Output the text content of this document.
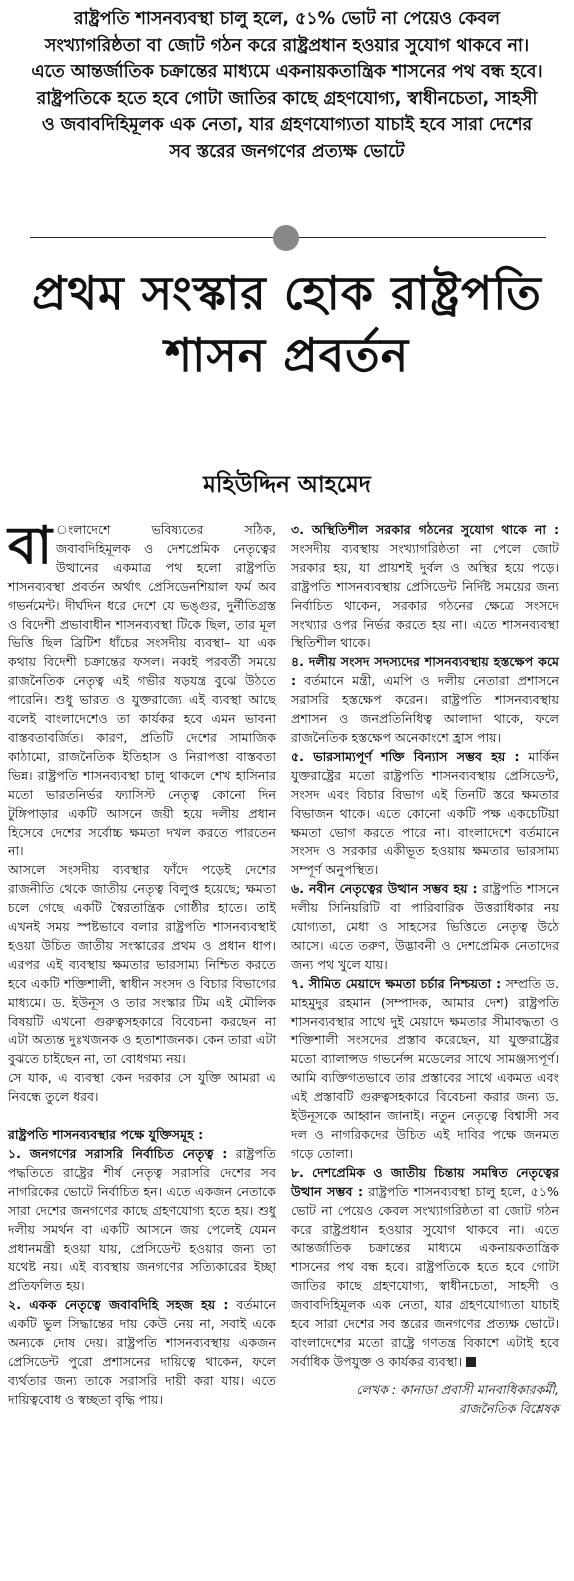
রাষ্ট্রপতি শাসনব্যবস্থা চালু হলে, ৫১% ভোট না পেয়েও কেবল সংখ্যাগরিষ্ঠতা বা জোট গঠন করে রাষ্ট্রপ্রধান হওয়ার সুযোগ থাকবে না। এতে আন্তর্জাতিক চক্রান্তের মাধ্যমে একনায়কতান্ত্রিক শাসনের পথ বন্ধ হবে। রাষ্ট্রপতিকে হতে হবে গোটা জাতির কাছে গ্রহণযোগ্য, স্বাধীনচেতা, সাহসী ও জবাবদিহিমূলক এক নেতা, যার গ্রহণযোগ্যতা যাচাই হবে সারা দেশের সব স্তরের জনগণের প্রত্যক্ষ ভোটে

প্রথম সংস্কার হোক রাষ্ট্রপতি শাসন প্রবর্তন
মহিউদ্দিন আহমেদ

বা ংলাদেশে ভবিষ্যতের সঠিক, জবাবদিহিমূলক ও দেশপ্রেমিক নেতৃত্বের উত্থানের একমাত্র পথ হলো রাষ্ট্রপতি শাসনব্যবস্থা প্রবর্তন অর্থাৎ প্রেসিডেনশিয়াল ফর্ম অব গভর্নমেন্ট। দীর্ঘদিন ধরে দেশে যে ভঙ্গুর, দুর্নীতিগ্রস্ত ও বিদেশী প্রভাবাধীন শাসনব্যবস্থা টিকে ছিল, তার মূল ভিত্তি ছিল ব্রিটিশ ধাঁচের সংসদীয় ব্যবস্থা– যা এক কথায় বিদেশী চক্রান্তের ফসল। নব্বই পরবর্তী সময়ে রাজনৈতিক নেতৃত্ব এই গভীর ষড়যন্ত্র বুঝে উঠতে পারেনি। শুধু ভারত ও যুক্তরাজ্যে এই ব্যবস্থা আছে বলেই বাংলাদেশেও তা কার্যকর হবে এমন ভাবনা বাস্তবতাবর্জিত। কারণ, প্রতিটি দেশের সামাজিক কাঠামো, রাজনৈতিক ইতিহাস ও নিরাপত্তা বাস্তবতা ভিন্ন। রাষ্ট্রপতি শাসনব্যবস্থা চালু থাকলে শেখ হাসিনার মতো ভারতনির্ভর ফ্যাসিস্ট নেতৃত্ব কোনো দিন টুঙ্গিপাড়ার একটি আসনে জয়ী হয়ে দলীয় প্রধান হিসেবে দেশের সর্বোচ্চ ক্ষমতা দখল করতে পারতেন না।

আসলে সংসদীয় ব্যবস্থার ফাঁদে পড়েই দেশের রাজনীতি থেকে জাতীয় নেতৃত্ব বিলুপ্ত হয়েছে; ক্ষমতা চলে গেছে একটি স্বৈরতান্ত্রিক গোষ্ঠীর হাতে। তাই এখনই সময় স্পষ্টভাবে বলার রাষ্ট্রপতি শাসনব্যবস্থাই হওয়া উচিত জাতীয় সংস্কারের প্রথম ও প্রধান ধাপ। এরপর এই ব্যবস্থায় ক্ষমতার ভারসাম্য নিশ্চিত করতে হবে একটি শক্তিশালী, স্বাধীন সংসদ ও বিচার বিভাগের মাধ্যমে। ড. ইউনূস ও তার সংস্কার টিম এই মৌলিক বিষয়টি এখনো গুরুত্বসহকারে বিবেচনা করছেন না এটা অত্যন্ত দুঃখজনক ও হতাশাজনক। কেন তারা এটা বুঝতে চাইছেন না, তা বোধগম্য নয়।

সে যাক, এ ব্যবস্থা কেন দরকার সে যুক্তি আমরা এ নিবন্ধে তুলে ধরব।

রাষ্ট্রপতি শাসনব্যবস্থার পক্ষে যুক্তিসমূহ :

১. জনগণের সরাসরি নির্বাচিত নেতৃত্ব : রাষ্ট্রপতি পদ্ধতিতে রাষ্ট্রের শীর্ষ নেতৃত্ব সরাসরি দেশের সব নাগরিকের ভোটে নির্বাচিত হন। এতে একজন নেতাকে সারা দেশের জনগণের কাছে গ্রহণযোগ্য হতে হয়। শুধু দলীয় সমর্থন বা একটি আসনে জয় পেলেই যেমন প্রধানমন্ত্রী হওয়া যায়, প্রেসিডেন্ট হওয়ার জন্য তা যথেষ্ট নয়। এই ব্যবস্থায় জনগণের সত্যিকারের ইচ্ছা প্রতিফলিত হয়।

২. একক নেতৃত্বে জবাবদিহি সহজ হয় : বর্তমানে একটি ভুল সিদ্ধান্তের দায় কেউ নেয় না, সবাই একে অন্যকে দোষ দেয়। রাষ্ট্রপতি শাসনব্যবস্থায় একজন প্রেসিডেন্ট পুরো প্রশাসনের দায়িত্বে থাকেন, ফলে ব্যর্থতার জন্য তাকে সরাসরি দায়ী করা যায়। এতে দায়িত্ববোধ ও স্বচ্ছতা বৃদ্ধি পায়।

৩. অস্থিতিশীল সরকার গঠনের সুযোগ থাকে না : সংসদীয় ব্যবস্থায় সংখ্যাগরিষ্ঠতা না পেলে জোট সরকার হয়, যা প্রায়শই দুর্বল ও অস্থির হয়ে পড়ে। রাষ্ট্রপতি শাসনব্যবস্থায় প্রেসিডেন্ট নির্দিষ্ট সময়ের জন্য নির্বাচিত থাকেন, সরকার গঠনের ক্ষেত্রে সংসদে সংখ্যার ওপর নির্ভর করতে হয় না। এতে শাসনব্যবস্থা স্থিতিশীল থাকে।

৪. দলীয় সংসদ সদস্যদের শাসনব্যবস্থায় হস্তক্ষেপ কমে : বর্তমানে মন্ত্রী, এমপি ও দলীয় নেতারা প্রশাসনে সরাসরি হস্তক্ষেপ করেন। রাষ্ট্রপতি শাসনব্যবস্থায় প্রশাসন ও জনপ্রতিনিধিত্ব আলাদা থাকে, ফলে রাজনৈতিক হস্তক্ষেপ অনেকাংশে হ্রাস পায়।

৫. ভারসাম্যপূর্ণ শক্তি বিন্যাস সম্ভব হয় : মার্কিন যুক্তরাষ্ট্রের মতো রাষ্ট্রপতি শাসনব্যবস্থায় প্রেসিডেন্ট, সংসদ এবং বিচার বিভাগ এই তিনটি স্তরে ক্ষমতার বিভাজন থাকে। এতে কোনো একটি পক্ষ একচেটিয়া ক্ষমতা ভোগ করতে পারে না। বাংলাদেশে বর্তমানে সংসদ ও সরকার একীভূত হওয়ায় ক্ষমতার ভারসাম্য সম্পূর্ণ অনুপস্থিত।

৬. নবীন নেতৃত্বের উত্থান সম্ভব হয় : রাষ্ট্রপতি শাসনে দলীয় সিনিয়রিটি বা পারিবারিক উত্তরাধিকার নয় যোগ্যতা, মেধা ও সাহসের ভিত্তিতে নেতৃত্ব উঠে আসে। এতে তরুণ, উদ্ভাবনী ও দেশপ্রেমিক নেতাদের জন্য পথ খুলে যায়।

৭. সীমিত মেয়াদে ক্ষমতা চর্চার নিশ্চয়তা : সম্প্রতি ড. মাহমুদুর রহমান (সম্পাদক, আমার দেশ) রাষ্ট্রপতি শাসনব্যবস্থার সাথে দুই মেয়াদে ক্ষমতার সীমাবদ্ধতা ও শক্তিশালী সংসদের প্রস্তাব করেছেন, যা যুক্তরাষ্ট্রের মতো ব্যালান্সড গভর্নেন্স মডেলের সাথে সামঞ্জস্যপূর্ণ। আমি ব্যক্তিগতভাবে তার প্রস্তাবের সাথে একমত এবং এই প্রস্তাবটি গুরুত্বসহকারে বিবেচনা করার জন্য ড. ইউনূসকে আহ্বান জানাই। নতুন নেতৃত্বে বিশ্বাসী সব দল ও নাগরিকদের উচিত এই দাবির পক্ষে জনমত গড়ে তোলা।

৮. দেশপ্রেমিক ও জাতীয় চিন্তায় সমন্বিত নেতৃত্বের উত্থান সম্ভব : রাষ্ট্রপতি শাসনব্যবস্থা চালু হলে, ৫১% ভোট না পেয়েও কেবল সংখ্যাগরিষ্ঠতা বা জোট গঠন করে রাষ্ট্রপ্রধান হওয়ার সুযোগ থাকবে না। এতে আন্তর্জাতিক চক্রান্তের মাধ্যমে একনায়কতান্ত্রিক শাসনের পথ বন্ধ হবে। রাষ্ট্রপতিকে হতে হবে গোটা জাতির কাছে গ্রহণযোগ্য, স্বাধীনচেতা, সাহসী ও জবাবদিহিমূলক এক নেতা, যার গ্রহণযোগ্যতা যাচাই হবে সারা দেশের সব স্তরের জনগণের প্রত্যক্ষ ভোটে। বাংলাদেশের মতো রাষ্ট্রে গণতন্ত্র বিকাশে এটাই হবে সর্বাধিক উপযুক্ত ও কার্যকর ব্যবস্থা।

লেখক : কানাডা প্রবাসী মানবাধিকারকর্মী,
রাজনৈতিক বিশ্লেষক
